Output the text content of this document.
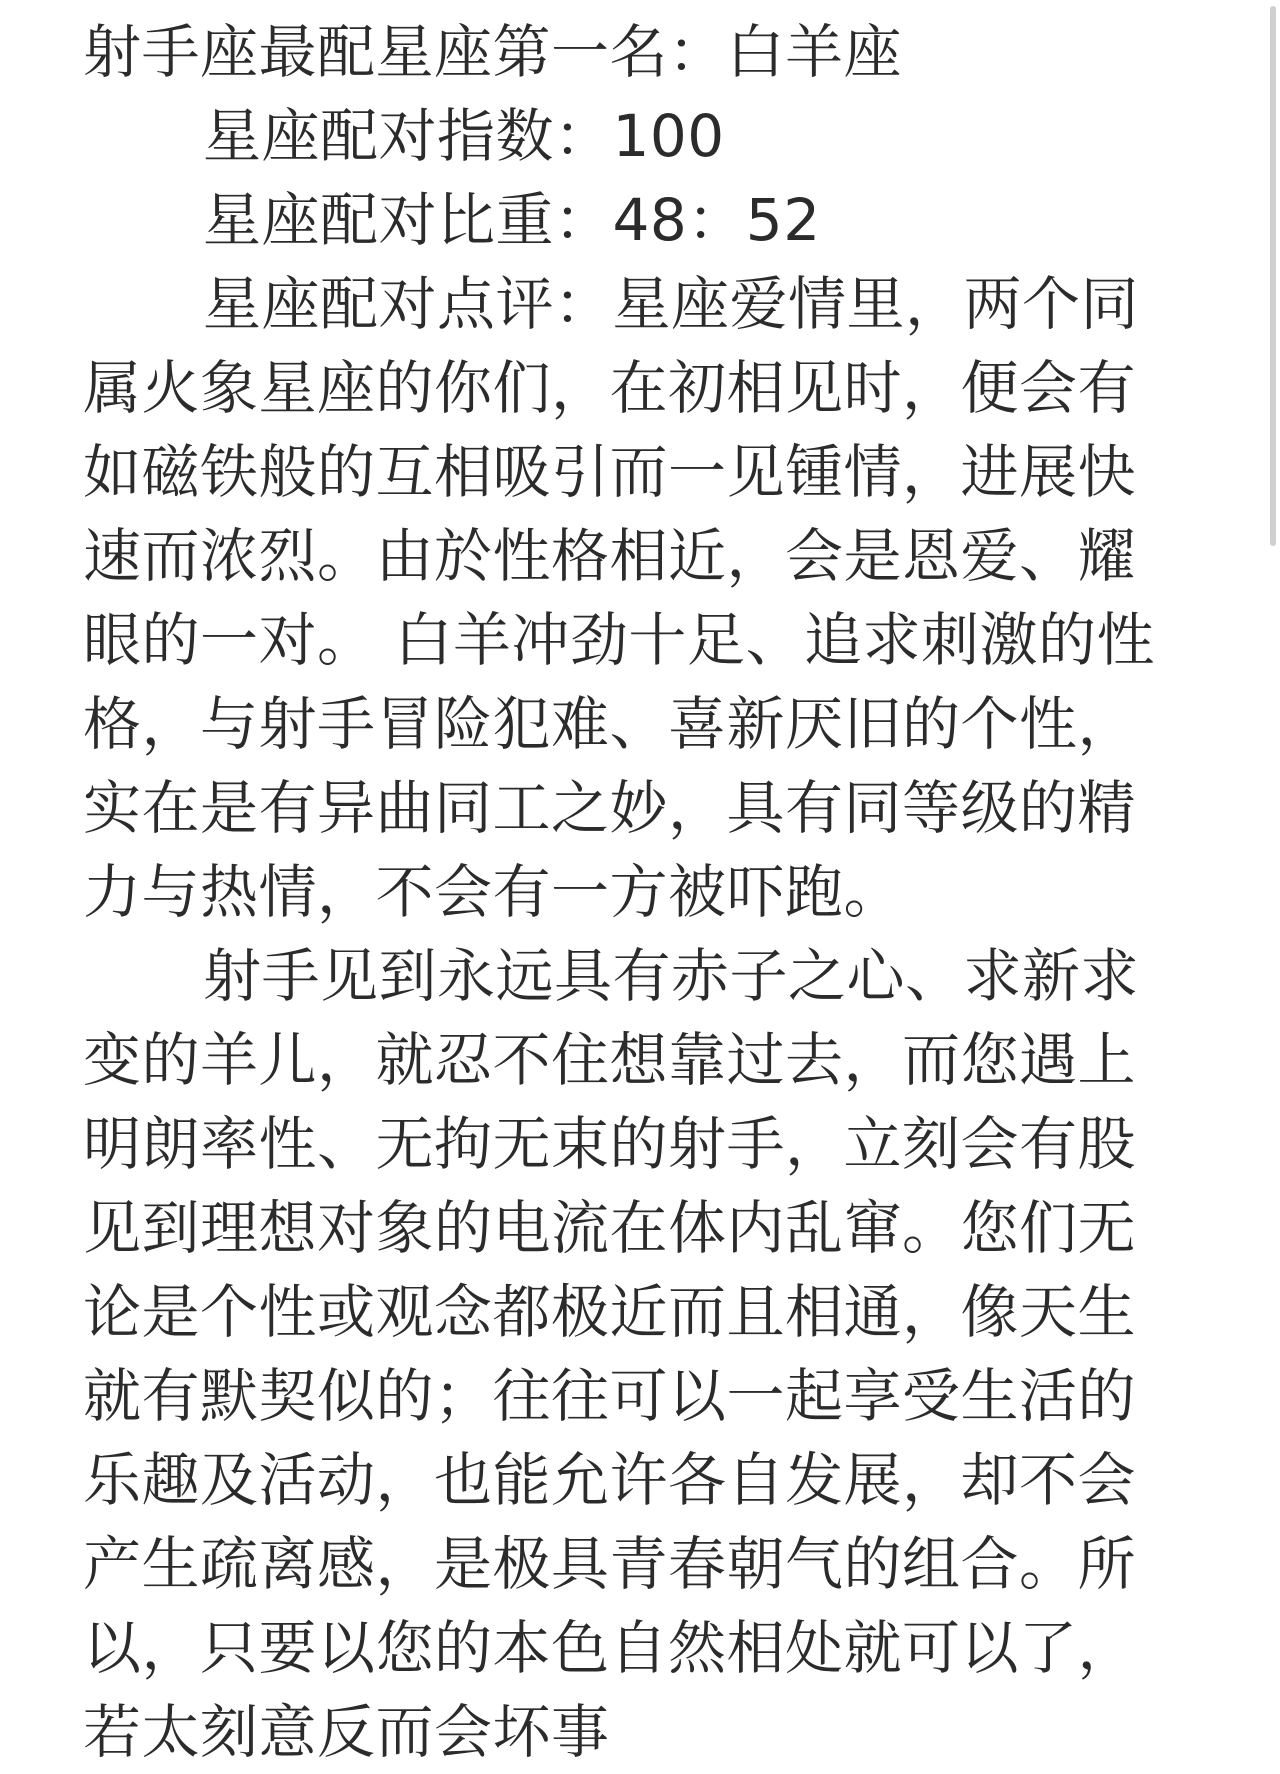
射手座最配星座第一名：白羊座
星座配对指数：100
星座配对比重：48：52
星座配对点评：星座爱情里，两个同
属火象星座的你们，在初相见时，便会有
如磁铁般的互相吸引而一见锺情，进展快
速而浓烈。由於性格相近，会是恩爱、耀
眼的一对。 白羊冲劲十足、追求刺激的性
格，与射手冒险犯难、喜新厌旧的个性，
实在是有异曲同工之妙，具有同等级的精
力与热情，不会有一方被吓跑。
射手见到永远具有赤子之心、求新求
变的羊儿，就忍不住想靠过去，而您遇上
明朗率性、无拘无束的射手，立刻会有股
见到理想对象的电流在体内乱窜。您们无
论是个性或观念都极近而且相通，像天生
就有默契似的；往往可以一起享受生活的
乐趣及活动，也能允许各自发展，却不会
产生疏离感，是极具青春朝气的组合。所
以，只要以您的本色自然相处就可以了，
若太刻意反而会坏事
